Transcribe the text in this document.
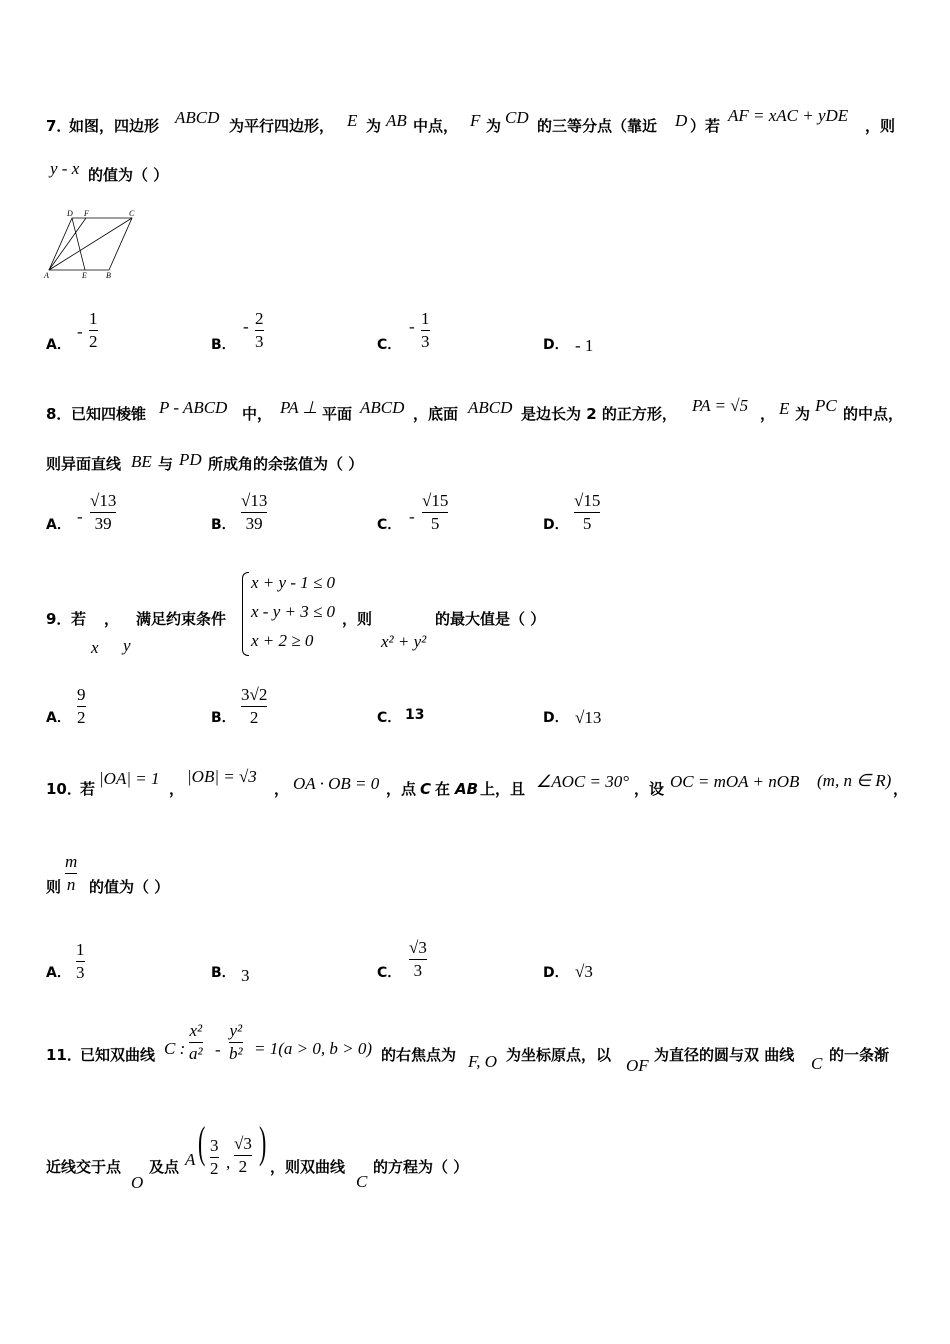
7．
如图，四边形 ABCD 为平行四边形， E 为 AB 中点， F 为 CD 的三等分点（靠近 D ）若
AF = xAC + yDE
，则
y - x 的值为（ ）
D F	C
A	E B
A．
-
1
2	B．
- 2
3	C．
- 1
3	D． - 1
8． 已知四棱锥 P - ABCD 中， PA ⊥ 平面 ABCD ，底面 ABCD 是边长为 2 的正方形， PA = √5 ， E 为 PC 的中点，
则异面直线 BE 与 PD 所成角的余弦值为（ ）
A． -
√13
39	B．
√13
39	C． -
√15
5	D．
√15
5
9． 若 ， 满足约束条件
x y
x + y - 1 ≤ 0
x - y + 3 ≤ 0
x + 2 ≥ 0
，则
x² + y²
的最大值是（ ）
A．
9
2	B．
3√2
2	C． 13	D． √13
10．
若
|OA| = 1
，
|OB| = √3
， OA · OB = 0 ，点 C 在 AB 上，且 ∠AOC = 30° ，设 OC = mOA + nOB (m, n ∈ R) ，
则
m
n 的值为（ ）
A．
1
3	B． 3	C．
√3
3	D． √3
11．
已知双曲线 C :
x²
a² -
y²
b² = 1(a > 0, b > 0) 的右焦点为 F, O 为坐标原点，以
OF
为直径的圆与双 曲线 C 的一条渐
近线交于点
O
及点 A ( 3
2 ,
√3
2 ) ，则双曲线
C
的方程为（ ）
